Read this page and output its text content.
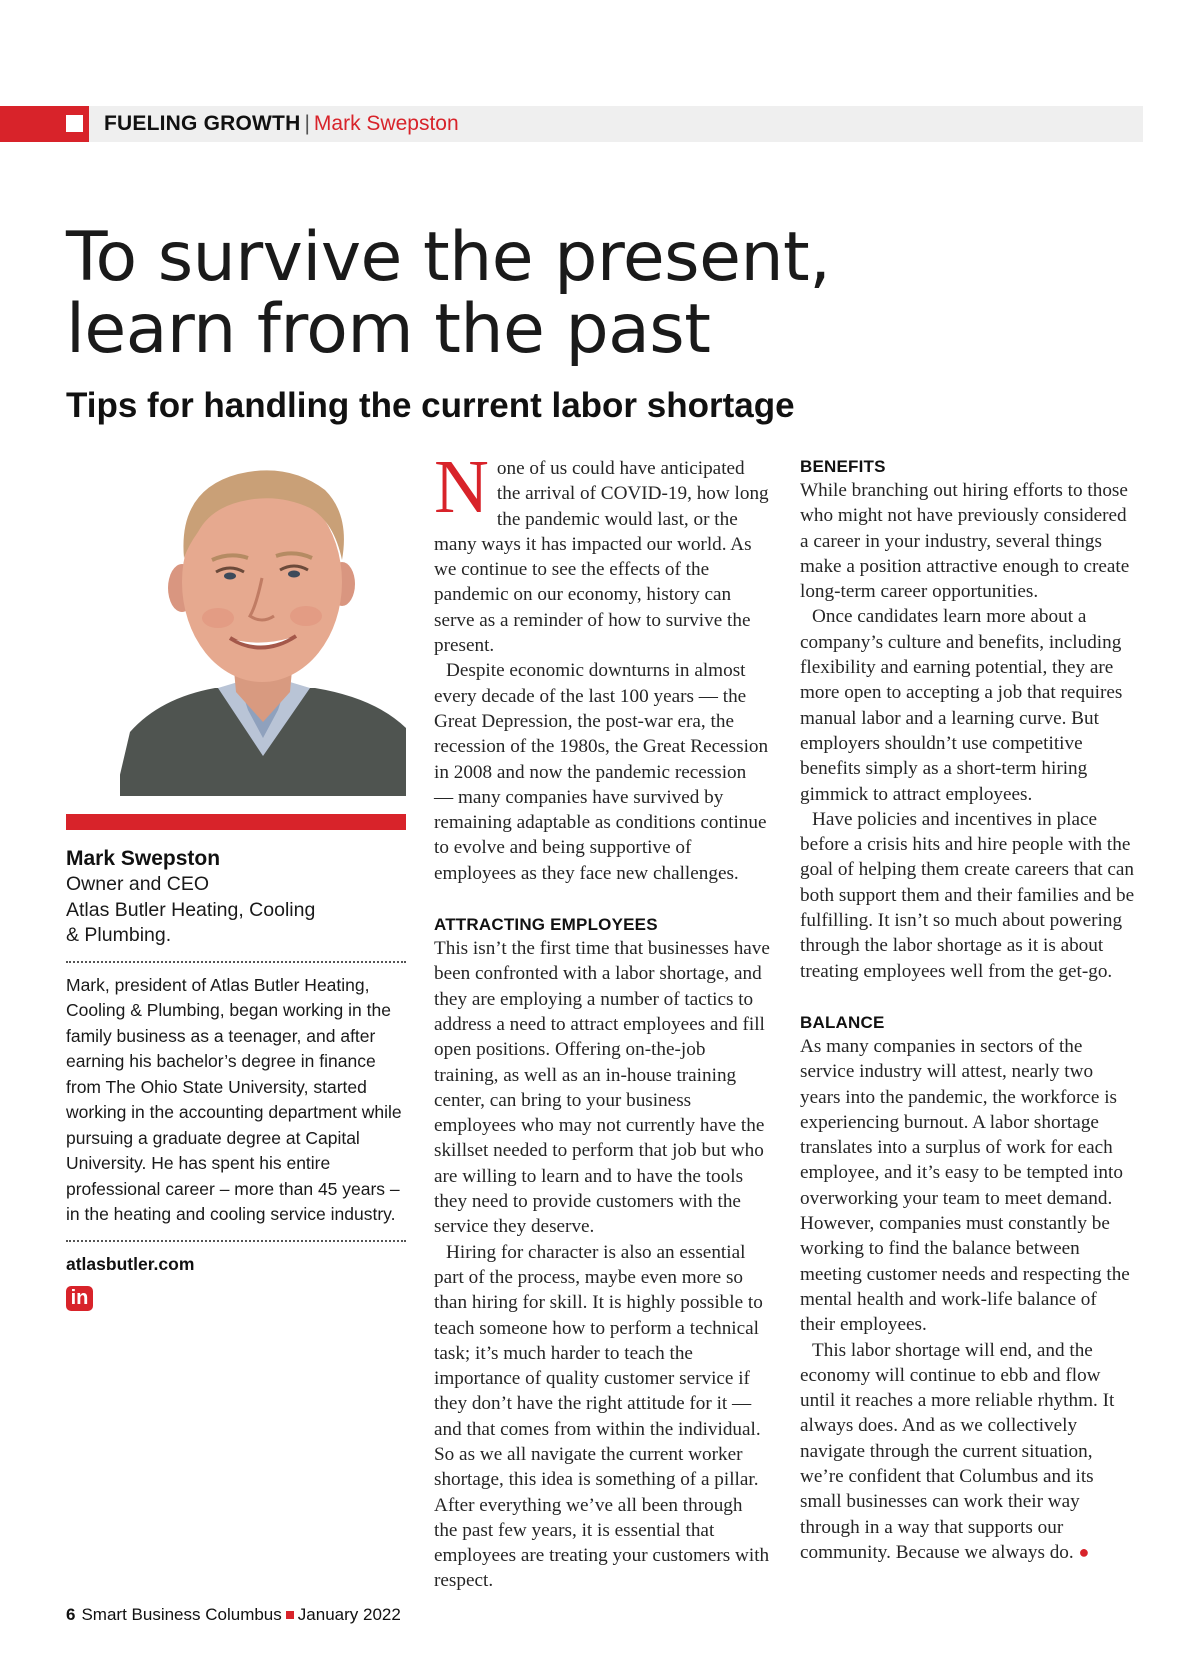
FUELING GROWTH | Mark Swepston
To survive the present,
learn from the past
Tips for handling the current labor shortage
Mark Swepston
Owner and CEO
Atlas Butler Heating, Cooling
& Plumbing.
Mark, president of Atlas Butler Heating, Cooling & Plumbing, began working in the family business as a teenager, and after earning his bachelor’s degree in finance from The Ohio State University, started working in the accounting department while pursuing a graduate degree at Capital University. He has spent his entire professional career – more than 45 years – in the heating and cooling service industry.
atlasbutler.com
in

None of us could have anticipated the arrival of COVID-19, how long the pandemic would last, or the many ways it has impacted our world. As we continue to see the effects of the pandemic on our economy, history can serve as a reminder of how to survive the present.

Despite economic downturns in almost every decade of the last 100 years — the Great Depression, the post-war era, the recession of the 1980s, the Great Recession in 2008 and now the pandemic recession — many companies have survived by remaining adaptable as conditions continue to evolve and being supportive of employees as they face new challenges.

ATTRACTING EMPLOYEES

This isn’t the first time that businesses have been confronted with a labor shortage, and they are employing a number of tactics to address a need to attract employees and fill open positions. Offering on-the-job training, as well as an in-house training center, can bring to your business employees who may not currently have the skillset needed to perform that job but who are willing to learn and to have the tools they need to provide customers with the service they deserve.

Hiring for character is also an essential part of the process, maybe even more so than hiring for skill. It is highly possible to teach someone how to perform a technical task; it’s much harder to teach the importance of quality customer service if they don’t have the right attitude for it — and that comes from within the individual. So as we all navigate the current worker shortage, this idea is something of a pillar. After everything we’ve all been through the past few years, it is essential that employees are treating your customers with respect.

BENEFITS

While branching out hiring efforts to those who might not have previously considered a career in your industry, several things make a position attractive enough to create long-term career opportunities.

Once candidates learn more about a company’s culture and benefits, including flexibility and earning potential, they are more open to accepting a job that requires manual labor and a learning curve. But employers shouldn’t use competitive benefits simply as a short-term hiring gimmick to attract employees.

Have policies and incentives in place before a crisis hits and hire people with the goal of helping them create careers that can both support them and their families and be fulfilling. It isn’t so much about powering through the labor shortage as it is about treating employees well from the get-go.

BALANCE

As many companies in sectors of the service industry will attest, nearly two years into the pandemic, the workforce is experiencing burnout. A labor shortage translates into a surplus of work for each employee, and it’s easy to be tempted into overworking your team to meet demand. However, companies must constantly be working to find the balance between meeting customer needs and respecting the mental health and work-life balance of their employees.

This labor shortage will end, and the economy will continue to ebb and flow until it reaches a more reliable rhythm. It always does. And as we collectively navigate through the current situation, we’re confident that Columbus and its small businesses can work their way through in a way that supports our community. Because we always do. ●

6 Smart Business Columbus January 2022
